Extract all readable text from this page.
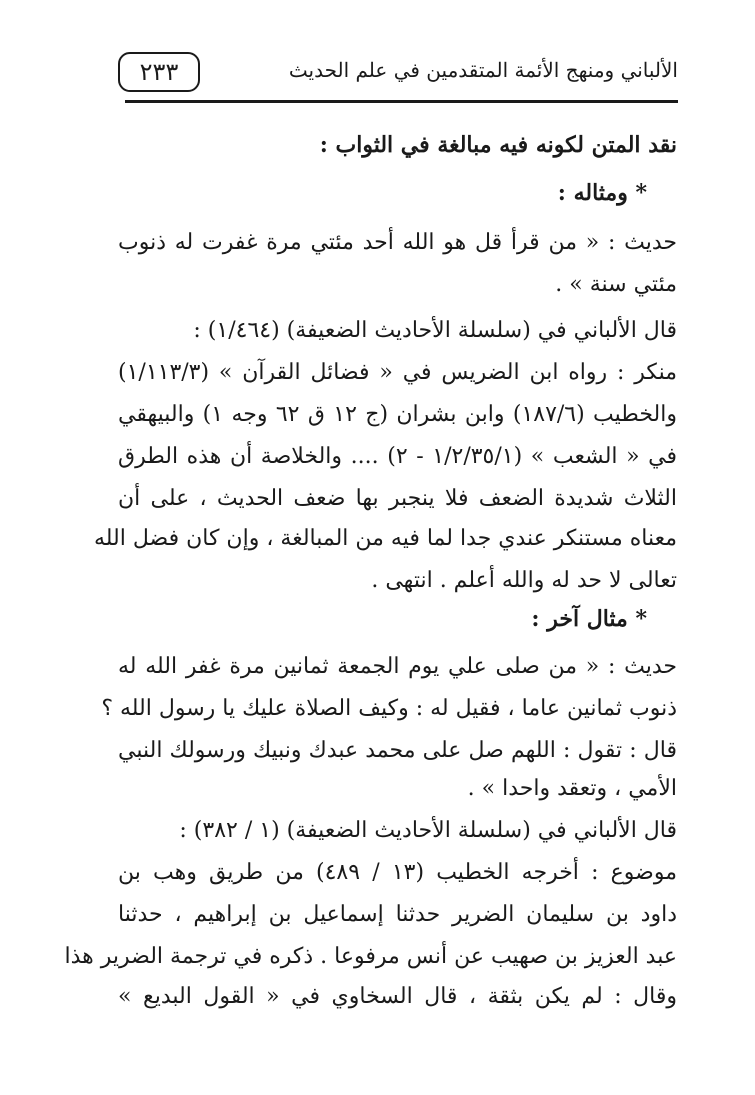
٢٣٣	الألباني ومنهج الأئمة المتقدمين في علم الحديث
نقد المتن لكونه فيه مبالغة في الثواب :
* ومثاله :
حديث : « من قرأ قل هو الله أحد مئتي مرة غفرت له ذنوب
مئتي سنة » .
قال الألباني في (سلسلة الأحاديث الضعيفة) (١/٤٦٤) :
منكر : رواه ابن الضريس في « فضائل القرآن » (١/١١٣/٣)
والخطيب (١٨٧/٦) وابن بشران (ج ١٢ ق ٦٢ وجه ١) والبيهقي
في « الشعب » (١/٢/٣٥/١ - ٢) .... والخلاصة أن هذه الطرق
الثلاث شديدة الضعف فلا ينجبر بها ضعف الحديث ، على أن
معناه مستنكر عندي جدا لما فيه من المبالغة ، وإن كان فضل الله
تعالى لا حد له والله أعلم . انتهى .
* مثال آخر :
حديث : « من صلى علي يوم الجمعة ثمانين مرة غفر الله له
ذنوب ثمانين عاما ، فقيل له : وكيف الصلاة عليك يا رسول الله ؟
قال : تقول : اللهم صل على محمد عبدك ونبيك ورسولك النبي
الأمي ، وتعقد واحدا » .
قال الألباني في (سلسلة الأحاديث الضعيفة) (١ / ٣٨٢) :
موضوع : أخرجه الخطيب (١٣ / ٤٨٩) من طريق وهب بن
داود بن سليمان الضرير حدثنا إسماعيل بن إبراهيم ، حدثنا
عبد العزيز بن صهيب عن أنس مرفوعا . ذكره في ترجمة الضرير هذا
وقال : لم يكن بثقة ، قال السخاوي في « القول البديع »
